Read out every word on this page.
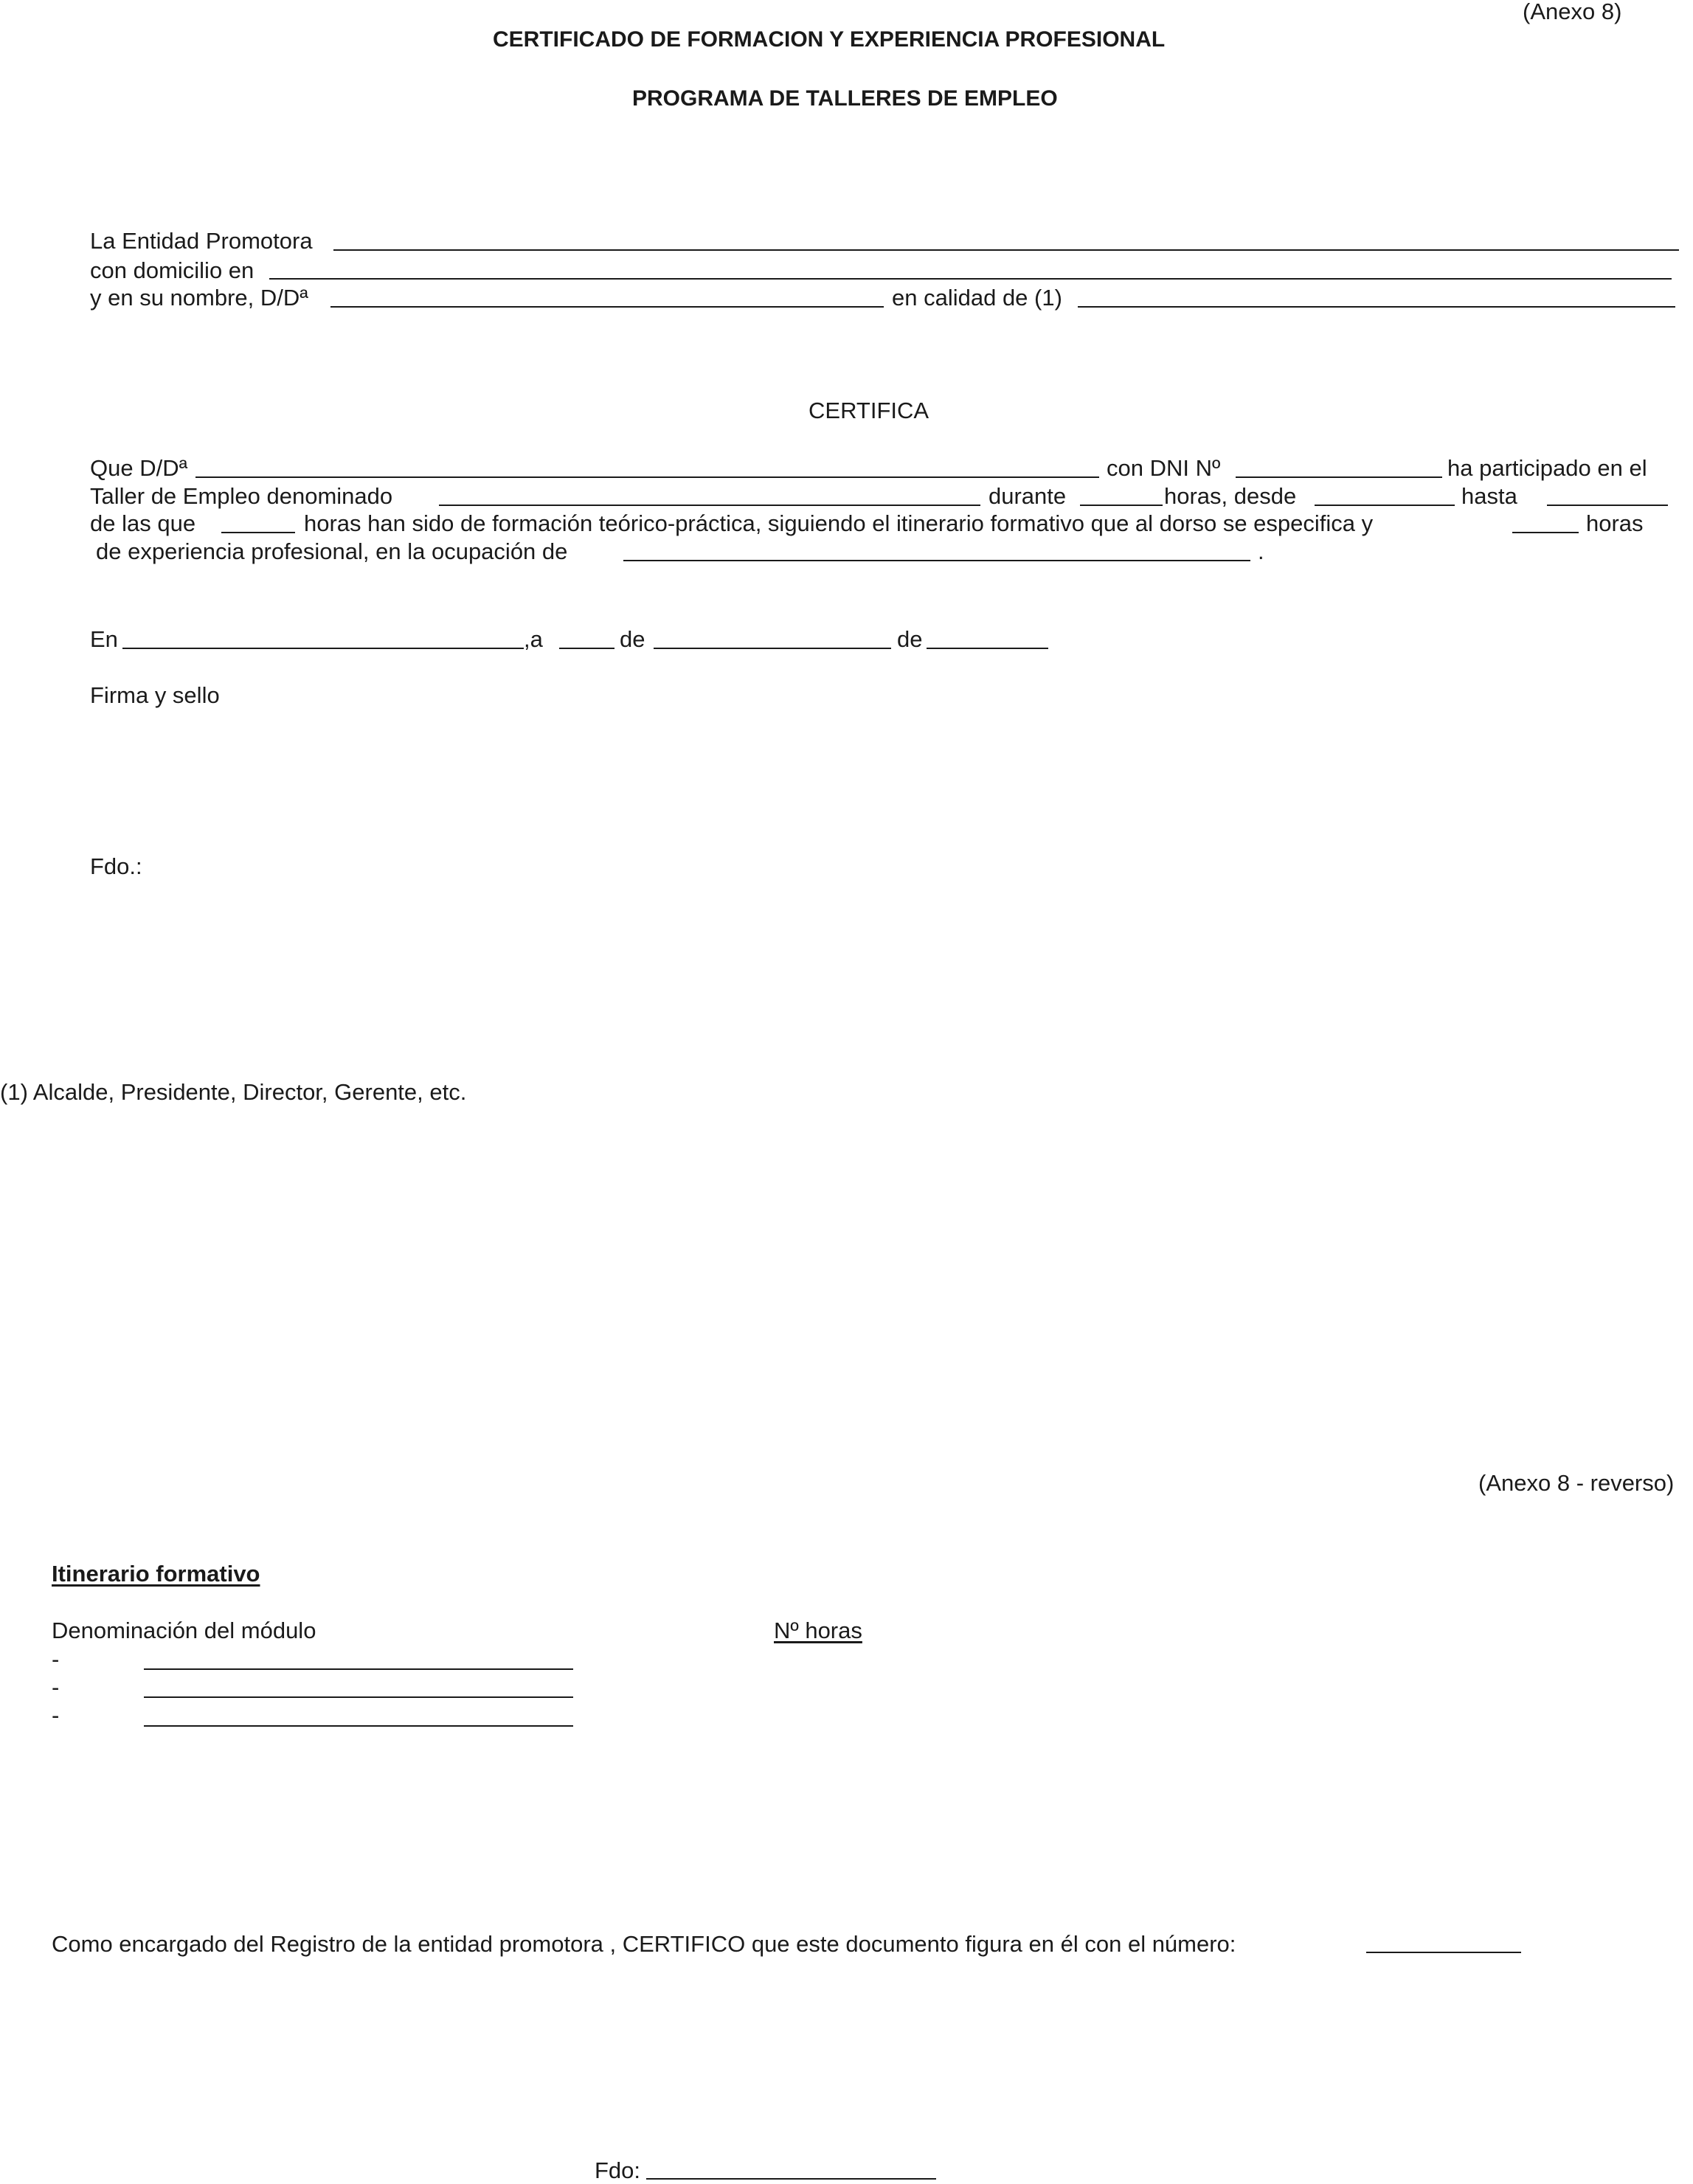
(Anexo 8)
CERTIFICADO DE FORMACION Y EXPERIENCIA PROFESIONAL
PROGRAMA DE TALLERES DE EMPLEO
La Entidad Promotora
con domicilio en
y en su nombre, D/Dª	en calidad de (1)
CERTIFICA
Que D/Dª	con DNI Nº	ha participado en el
Taller de Empleo denominado	durante	horas, desde	hasta
de las que	horas han sido de formación teórico-práctica, siguiendo el itinerario formativo que al dorso se especifica y	horas
de experiencia profesional, en la ocupación de	.
En	,a	de	de
Firma y sello
Fdo.:
(1) Alcalde, Presidente, Director, Gerente, etc.
(Anexo 8 - reverso)
Itinerario formativo
Denominación del módulo	Nº horas
-
-
-
Como encargado del Registro de la entidad promotora , CERTIFICO que este documento figura en él con el número:
Fdo:
